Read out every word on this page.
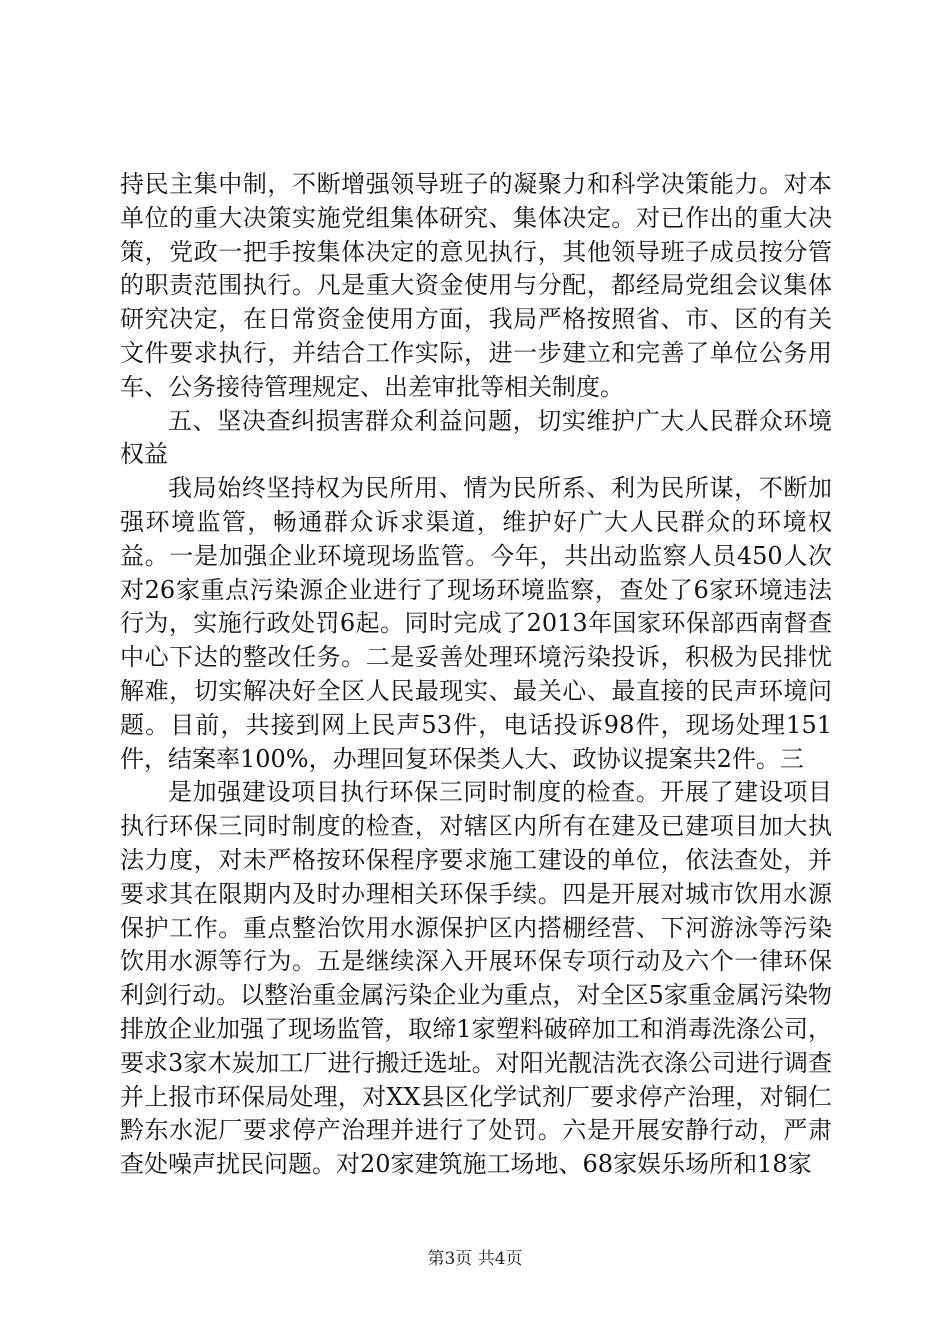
持民主集中制，不断增强领导班子的凝聚力和科学决策能力。对本单位的重大决策实施党组集体研究、集体决定。对已作出的重大决策，党政一把手按集体决定的意见执行，其他领导班子成员按分管的职责范围执行。凡是重大资金使用与分配，都经局党组会议集体研究决定，在日常资金使用方面，我局严格按照省、市、区的有关文件要求执行，并结合工作实际，进一步建立和完善了单位公务用车、公务接待管理规定、出差审批等相关制度。

五、坚决查纠损害群众利益问题，切实维护广大人民群众环境权益

我局始终坚持权为民所用、情为民所系、利为民所谋，不断加强环境监管，畅通群众诉求渠道，维护好广大人民群众的环境权益。一是加强企业环境现场监管。今年，共出动监察人员450人次对26家重点污染源企业进行了现场环境监察，查处了6家环境违法行为，实施行政处罚6起。同时完成了2013年国家环保部西南督查中心下达的整改任务。二是妥善处理环境污染投诉，积极为民排忧解难，切实解决好全区人民最现实、最关心、最直接的民声环境问题。目前，共接到网上民声53件，电话投诉98件，现场处理151件，结案率100%，办理回复环保类人大、政协议提案共2件。三

是加强建设项目执行环保三同时制度的检查。开展了建设项目执行环保三同时制度的检查，对辖区内所有在建及已建项目加大执法力度，对未严格按环保程序要求施工建设的单位，依法查处，并要求其在限期内及时办理相关环保手续。四是开展对城市饮用水源保护工作。重点整治饮用水源保护区内搭棚经营、下河游泳等污染饮用水源等行为。五是继续深入开展环保专项行动及六个一律环保利剑行动。以整治重金属污染企业为重点，对全区5家重金属污染物排放企业加强了现场监管，取缔1家塑料破碎加工和消毒洗涤公司，要求3家木炭加工厂进行搬迁选址。对阳光靓洁洗衣涤公司进行调查并上报市环保局处理，对XX县区化学试剂厂要求停产治理，对铜仁黔东水泥厂要求停产治理并进行了处罚。六是开展安静行动，严肃查处噪声扰民问题。对20家建筑施工场地、68家娱乐场所和18家

第3页 共4页
